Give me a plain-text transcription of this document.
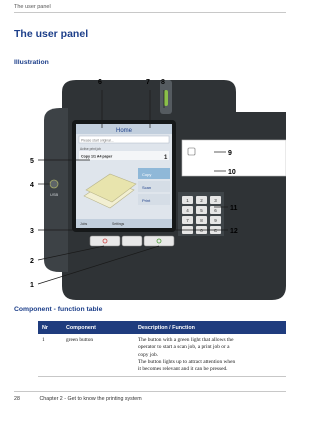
The user panel
The user panel
Illustration
Home
Please start original...
Active print job
Copy 1/1 A4 paper	1
Copy
Scan
Print
Jobs	Settings
1	2	3
4	5	6
7	8	9
0 C
USB
6	7 8
5
4
3
2
1
9
10
11
12
Component - function table
Nr	Component	Description / Function
1	green button	The button with a green light that allows the
operator to start a scan job, a print job or a
copy job.
The button lights up to attract attention when
it becomes relevant and it can be pressed.
28	Chapter 2 - Get to know the printing system
